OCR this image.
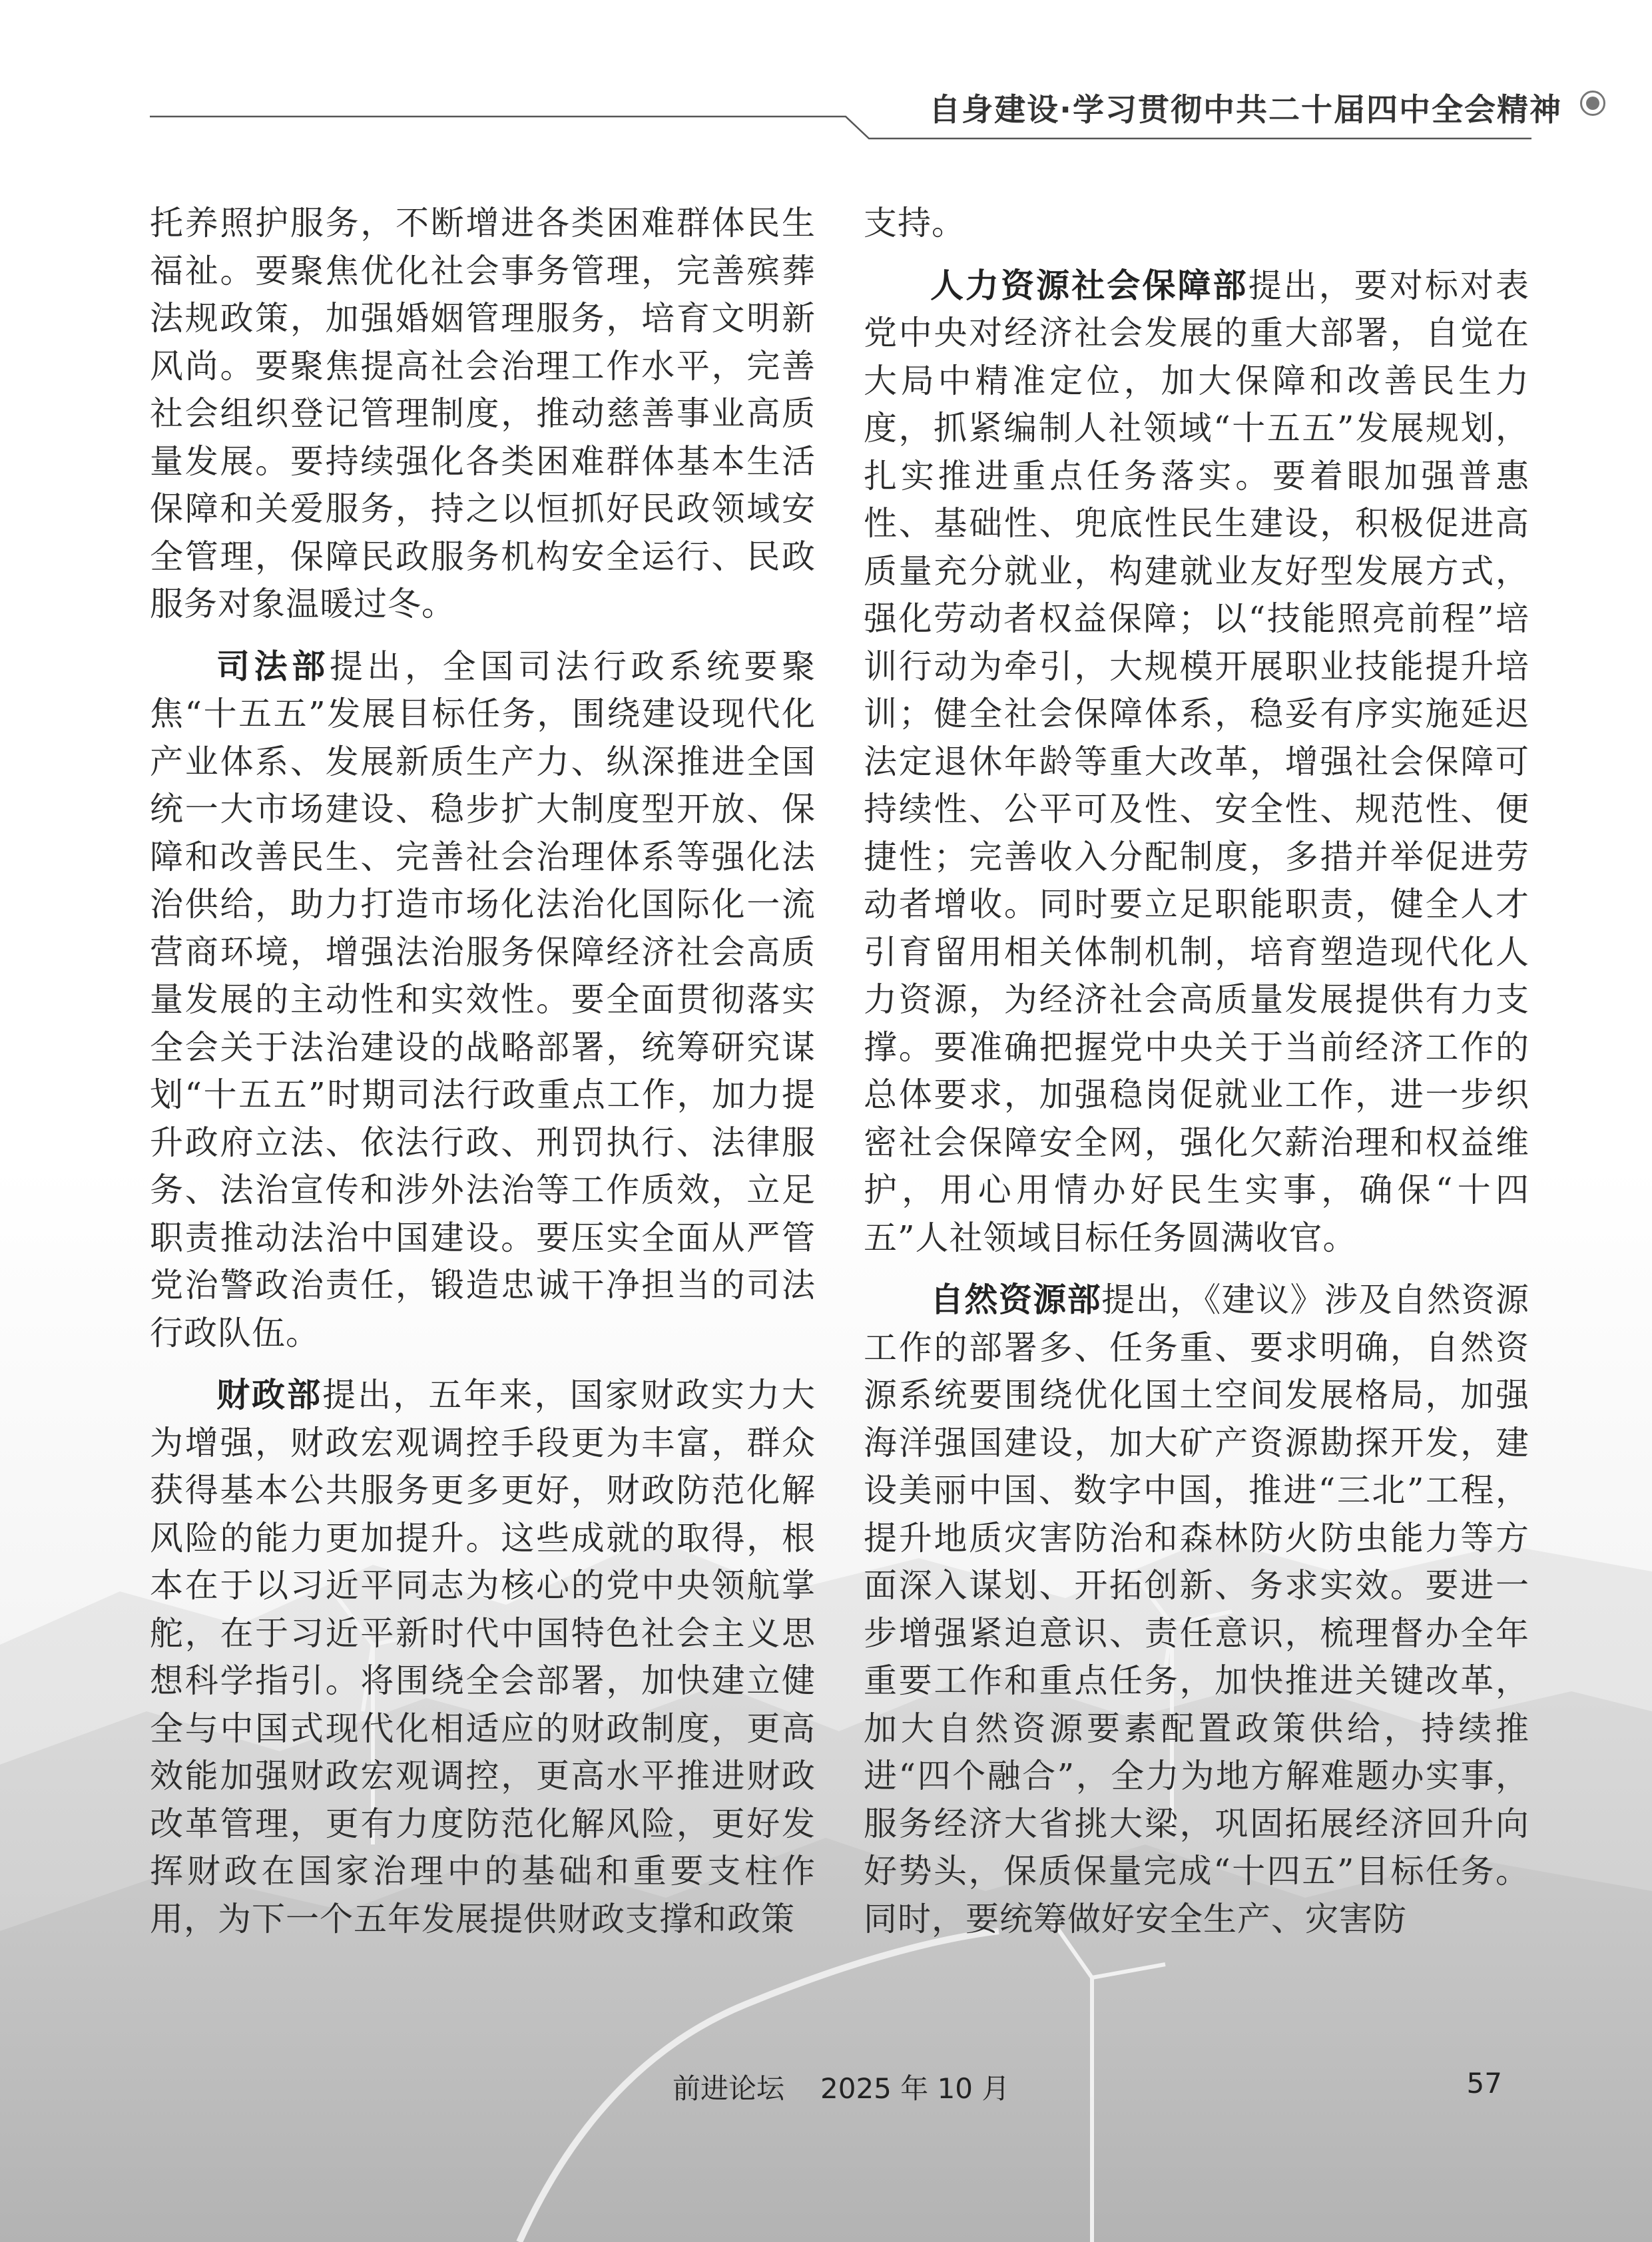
自身建设·学习贯彻中共二十届四中全会精神

托养照护服务，不断增进各类困难群体民生福祉。要聚焦优化社会事务管理，完善殡葬法规政策，加强婚姻管理服务，培育文明新风尚。要聚焦提高社会治理工作水平，完善社会组织登记管理制度，推动慈善事业高质量发展。要持续强化各类困难群体基本生活保障和关爱服务，持之以恒抓好民政领域安全管理，保障民政服务机构安全运行、民政服务对象温暖过冬。

司法部提出，全国司法行政系统要聚焦“十五五”发展目标任务，围绕建设现代化产业体系、发展新质生产力、纵深推进全国统一大市场建设、稳步扩大制度型开放、保障和改善民生、完善社会治理体系等强化法治供给，助力打造市场化法治化国际化一流营商环境，增强法治服务保障经济社会高质量发展的主动性和实效性。要全面贯彻落实全会关于法治建设的战略部署，统筹研究谋划“十五五”时期司法行政重点工作，加力提升政府立法、依法行政、刑罚执行、法律服务、法治宣传和涉外法治等工作质效，立足职责推动法治中国建设。要压实全面从严管党治警政治责任，锻造忠诚干净担当的司法行政队伍。

财政部提出，五年来，国家财政实力大为增强，财政宏观调控手段更为丰富，群众获得基本公共服务更多更好，财政防范化解风险的能力更加提升。这些成就的取得，根本在于以习近平同志为核心的党中央领航掌舵，在于习近平新时代中国特色社会主义思想科学指引。将围绕全会部署，加快建立健全与中国式现代化相适应的财政制度，更高效能加强财政宏观调控，更高水平推进财政改革管理，更有力度防范化解风险，更好发挥财政在国家治理中的基础和重要支柱作用，为下一个五年发展提供财政支撑和政策

支持。

人力资源社会保障部提出，要对标对表党中央对经济社会发展的重大部署，自觉在大局中精准定位，加大保障和改善民生力度，抓紧编制人社领域“十五五”发展规划，扎实推进重点任务落实。要着眼加强普惠性、基础性、兜底性民生建设，积极促进高质量充分就业，构建就业友好型发展方式，强化劳动者权益保障；以“技能照亮前程”培训行动为牵引，大规模开展职业技能提升培训；健全社会保障体系，稳妥有序实施延迟法定退休年龄等重大改革，增强社会保障可持续性、公平可及性、安全性、规范性、便捷性；完善收入分配制度，多措并举促进劳动者增收。同时要立足职能职责，健全人才引育留用相关体制机制，培育塑造现代化人力资源，为经济社会高质量发展提供有力支撑。要准确把握党中央关于当前经济工作的总体要求，加强稳岗促就业工作，进一步织密社会保障安全网，强化欠薪治理和权益维护，用心用情办好民生实事，确保“十四五”人社领域目标任务圆满收官。

自然资源部提出，《建议》涉及自然资源工作的部署多、任务重、要求明确，自然资源系统要围绕优化国土空间发展格局，加强海洋强国建设，加大矿产资源勘探开发，建设美丽中国、数字中国，推进“三北”工程，提升地质灾害防治和森林防火防虫能力等方面深入谋划、开拓创新、务求实效。要进一步增强紧迫意识、责任意识，梳理督办全年重要工作和重点任务，加快推进关键改革，加大自然资源要素配置政策供给，持续推进“四个融合”，全力为地方解难题办实事，服务经济大省挑大梁，巩固拓展经济回升向好势头，保质保量完成“十四五”目标任务。同时，要统筹做好安全生产、灾害防

前进论坛 2025 年 10 月	57
